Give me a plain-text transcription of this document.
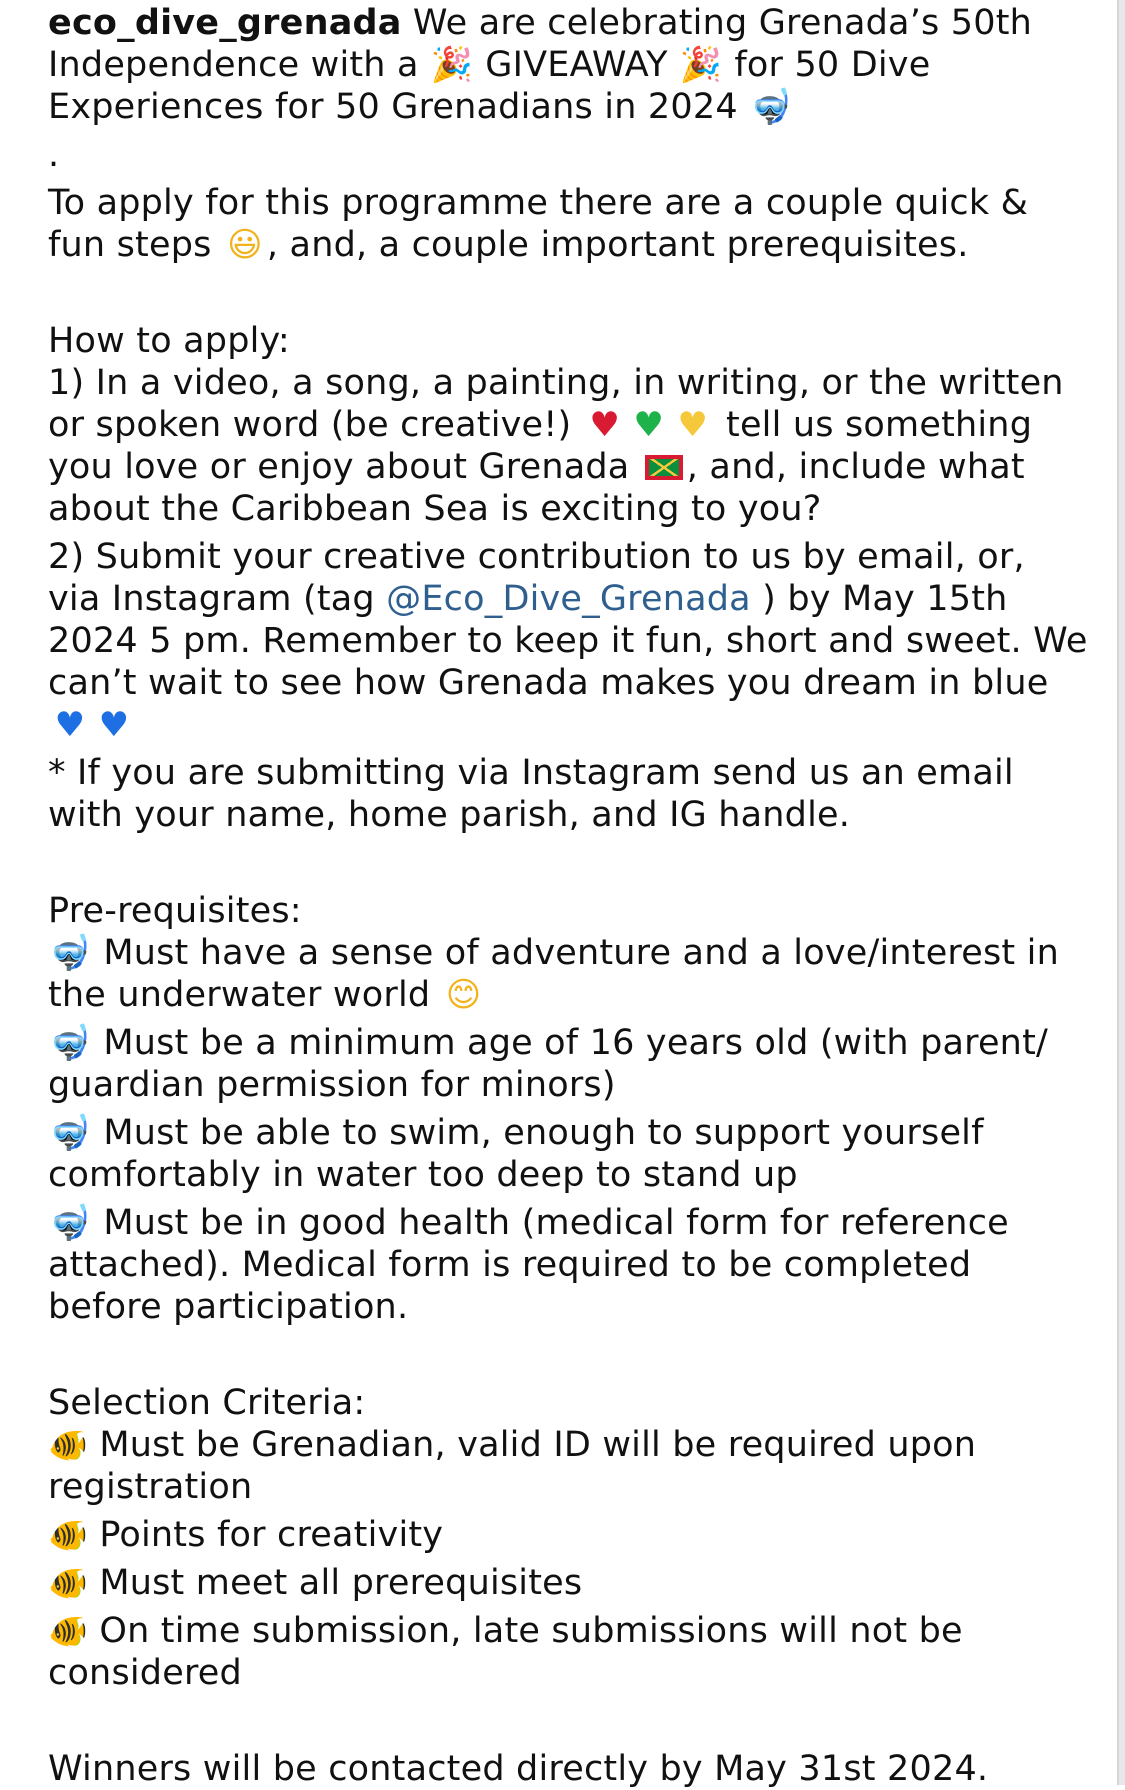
eco_dive_grenada We are celebrating Grenada’s 50th Independence with a 🎉 GIVEAWAY 🎉 for 50 Dive Experiences for 50 Grenadians in 2024 🤿

.

To apply for this programme there are a couple quick & fun steps 😃 , and, a couple important prerequisites.

How to apply:

1) In a video, a song, a painting, in writing, or the written or spoken word (be creative!) ♥ ♥ ♥ tell us something you love or enjoy about Grenada , and, include what about the Caribbean Sea is exciting to you?

2) Submit your creative contribution to us by email, or, via Instagram (tag @Eco_Dive_Grenada ) by May 15th 2024 5 pm. Remember to keep it fun, short and sweet. We can’t wait to see how Grenada makes you dream in blue ♥ ♥

* If you are submitting via Instagram send us an email with your name, home parish, and IG handle.

Pre-requisites:

🤿 Must have a sense of adventure and a love/interest in the underwater world 😊

🤿 Must be a minimum age of 16 years old (with parent/ guardian permission for minors)

🤿 Must be able to swim, enough to support yourself comfortably in water too deep to stand up

🤿 Must be in good health (medical form for reference attached). Medical form is required to be completed before participation.

Selection Criteria:

🐠 Must be Grenadian, valid ID will be required upon registration

🐠 Points for creativity

🐠 Must meet all prerequisites

🐠 On time submission, late submissions will not be considered

Winners will be contacted directly by May 31st 2024.
